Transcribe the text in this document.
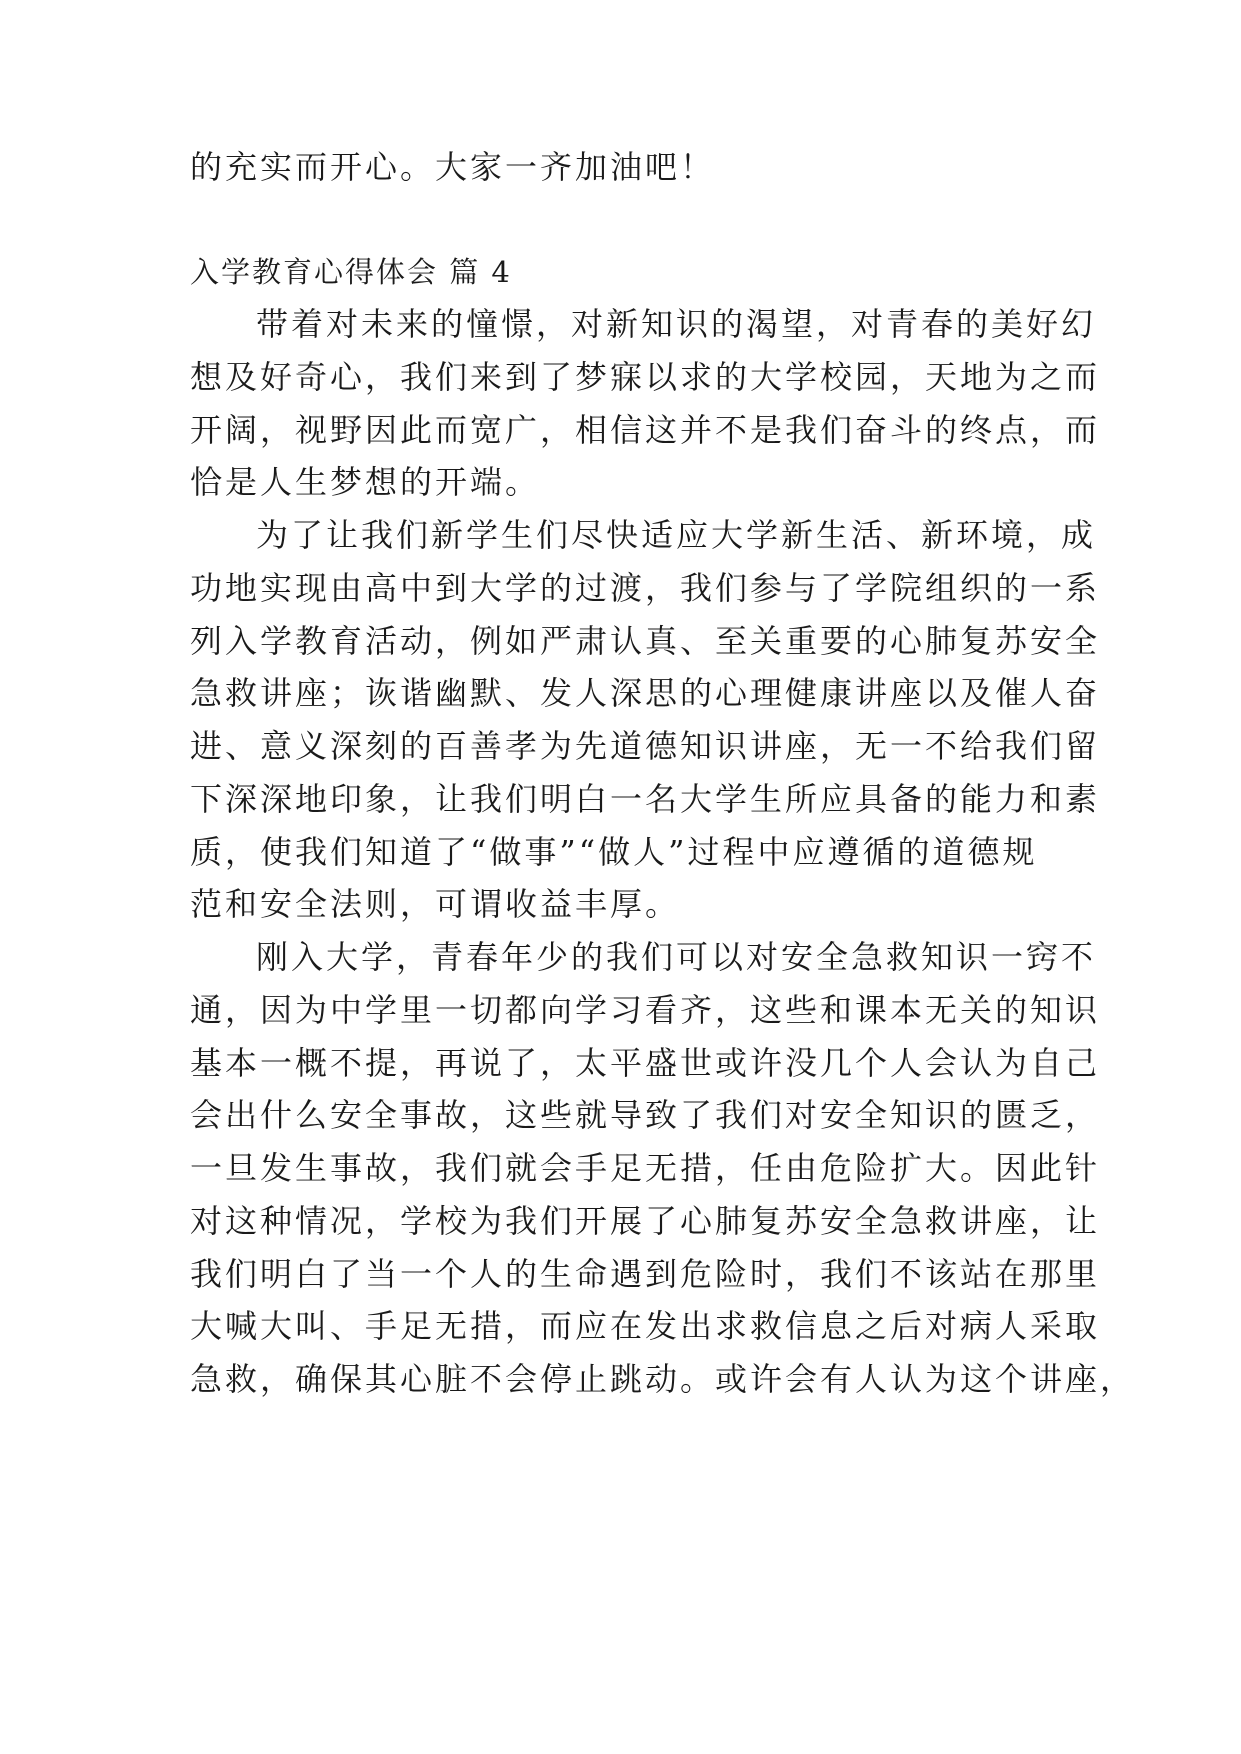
的充实而开心。大家一齐加油吧！
入学教育心得体会 篇 4
带着对未来的憧憬，对新知识的渴望，对青春的美好幻
想及好奇心，我们来到了梦寐以求的大学校园，天地为之而
开阔，视野因此而宽广，相信这并不是我们奋斗的终点，而
恰是人生梦想的开端。
为了让我们新学生们尽快适应大学新生活、新环境，成
功地实现由高中到大学的过渡，我们参与了学院组织的一系
列入学教育活动，例如严肃认真、至关重要的心肺复苏安全
急救讲座；诙谐幽默、发人深思的心理健康讲座以及催人奋
进、意义深刻的百善孝为先道德知识讲座，无一不给我们留
下深深地印象，让我们明白一名大学生所应具备的能力和素
质，使我们知道了“做事”“做人”过程中应遵循的道德规
范和安全法则，可谓收益丰厚。
刚入大学，青春年少的我们可以对安全急救知识一窍不
通，因为中学里一切都向学习看齐，这些和课本无关的知识
基本一概不提，再说了，太平盛世或许没几个人会认为自己
会出什么安全事故，这些就导致了我们对安全知识的匮乏，
一旦发生事故，我们就会手足无措，任由危险扩大。因此针
对这种情况，学校为我们开展了心肺复苏安全急救讲座，让
我们明白了当一个人的生命遇到危险时，我们不该站在那里
大喊大叫、手足无措，而应在发出求救信息之后对病人采取
急救，确保其心脏不会停止跳动。或许会有人认为这个讲座，
